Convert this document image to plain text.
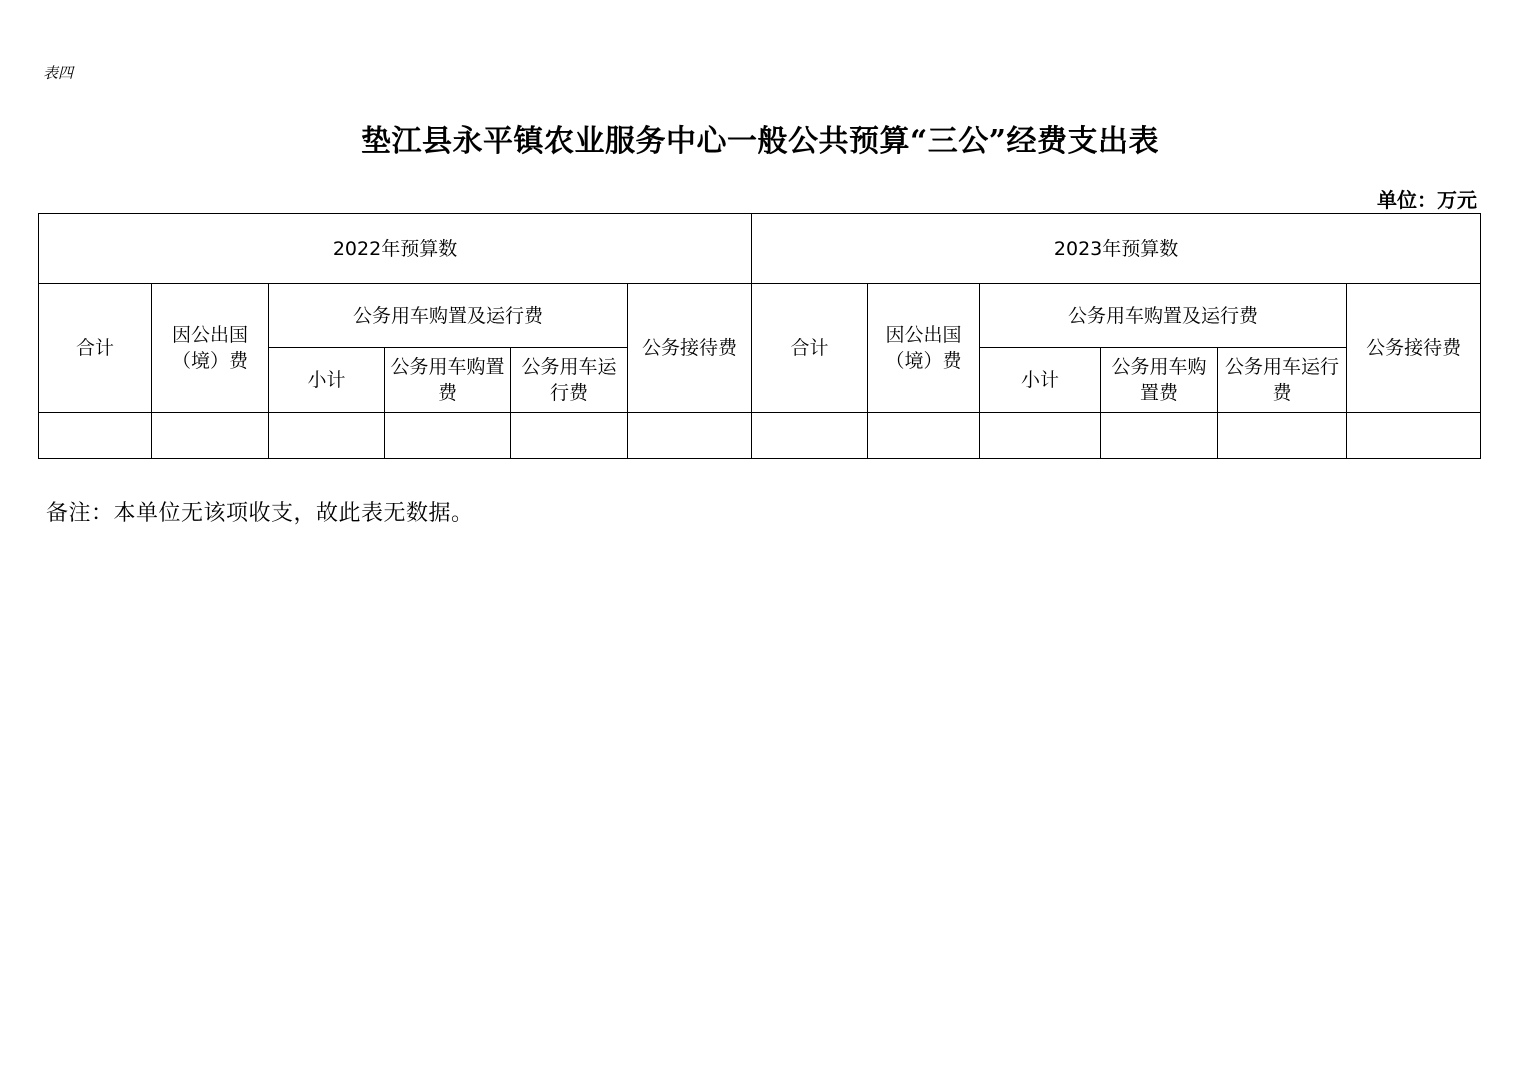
表四
垫江县永平镇农业服务中心一般公共预算“三公”经费支出表
单位：万元
2022年预算数						2023年预算数					
合计	因公出国（境）费	公务用车购置及运行费			公务接待费	合计	因公出国（境）费	公务用车购置及运行费			公务接待费
		小计	公务用车购置费	公务用车运行费				小计	公务用车购置费	公务用车运行费	

备注：本单位无该项收支，故此表无数据。
